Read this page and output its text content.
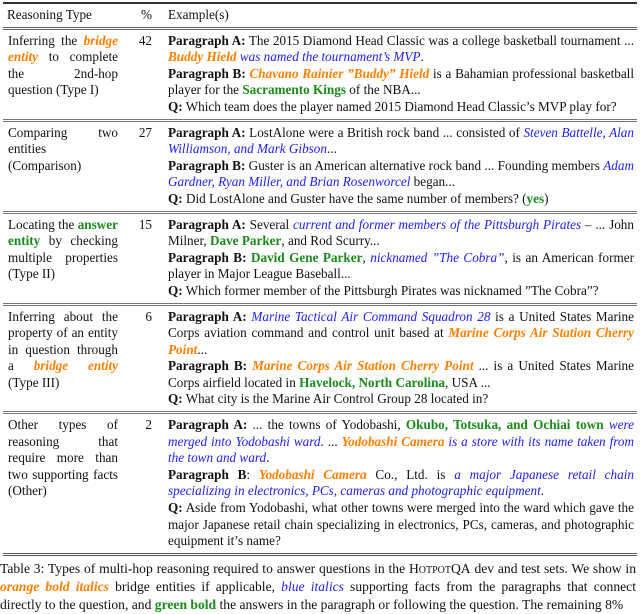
Reasoning Type	%	Example(s)
Inferring the bridge entity to complete the 2nd-hop question (Type I)	42	Paragraph A: The 2015 Diamond Head Classic was a college basketball tournament ... Buddy Hield was named the tournament’s MVP.
Paragraph B: Chavano Rainier ”Buddy” Hield is a Bahamian professional basketball player for the Sacramento Kings of the NBA...
Q: Which team does the player named 2015 Diamond Head Classic’s MVP play for?

Comparing two entities (Comparison)	27	Paragraph A: LostAlone were a British rock band ... consisted of Steven Battelle, Alan Williamson, and Mark Gibson...
Paragraph B: Guster is an American alternative rock band ... Founding members Adam Gardner, Ryan Miller, and Brian Rosenworcel began...
Q: Did LostAlone and Guster have the same number of members? (yes)

Locating the answer entity by checking multiple properties (Type II)	15	Paragraph A: Several current and former members of the Pittsburgh Pirates – ... John Milner, Dave Parker, and Rod Scurry...
Paragraph B: David Gene Parker, nicknamed ”The Cobra”, is an American former player in Major League Baseball...
Q: Which former member of the Pittsburgh Pirates was nicknamed ”The Cobra”?

Inferring about the property of an entity in question through a bridge entity (Type III)	6	Paragraph A: Marine Tactical Air Command Squadron 28 is a United States Marine Corps aviation command and control unit based at Marine Corps Air Station Cherry Point...
Paragraph B: Marine Corps Air Station Cherry Point ... is a United States Marine Corps airfield located in Havelock, North Carolina, USA ...
Q: What city is the Marine Air Control Group 28 located in?

Other types of reasoning that require more than two supporting facts (Other)	2	Paragraph A: ... the towns of Yodobashi, Okubo, Totsuka, and Ochiai town were merged into Yodobashi ward. ... Yodobashi Camera is a store with its name taken from the town and ward.
Paragraph B: Yodobashi Camera Co., Ltd. is a major Japanese retail chain specializing in electronics, PCs, cameras and photographic equipment.
Q: Aside from Yodobashi, what other towns were merged into the ward which gave the major Japanese retail chain specializing in electronics, PCs, cameras, and photographic equipment it’s name?
Table 3: Types of multi-hop reasoning required to answer questions in the HotpotQA dev and test sets. We show in orange bold italics bridge entities if applicable, blue italics supporting facts from the paragraphs that connect directly to the question, and green bold the answers in the paragraph or following the question. The remaining 8%
